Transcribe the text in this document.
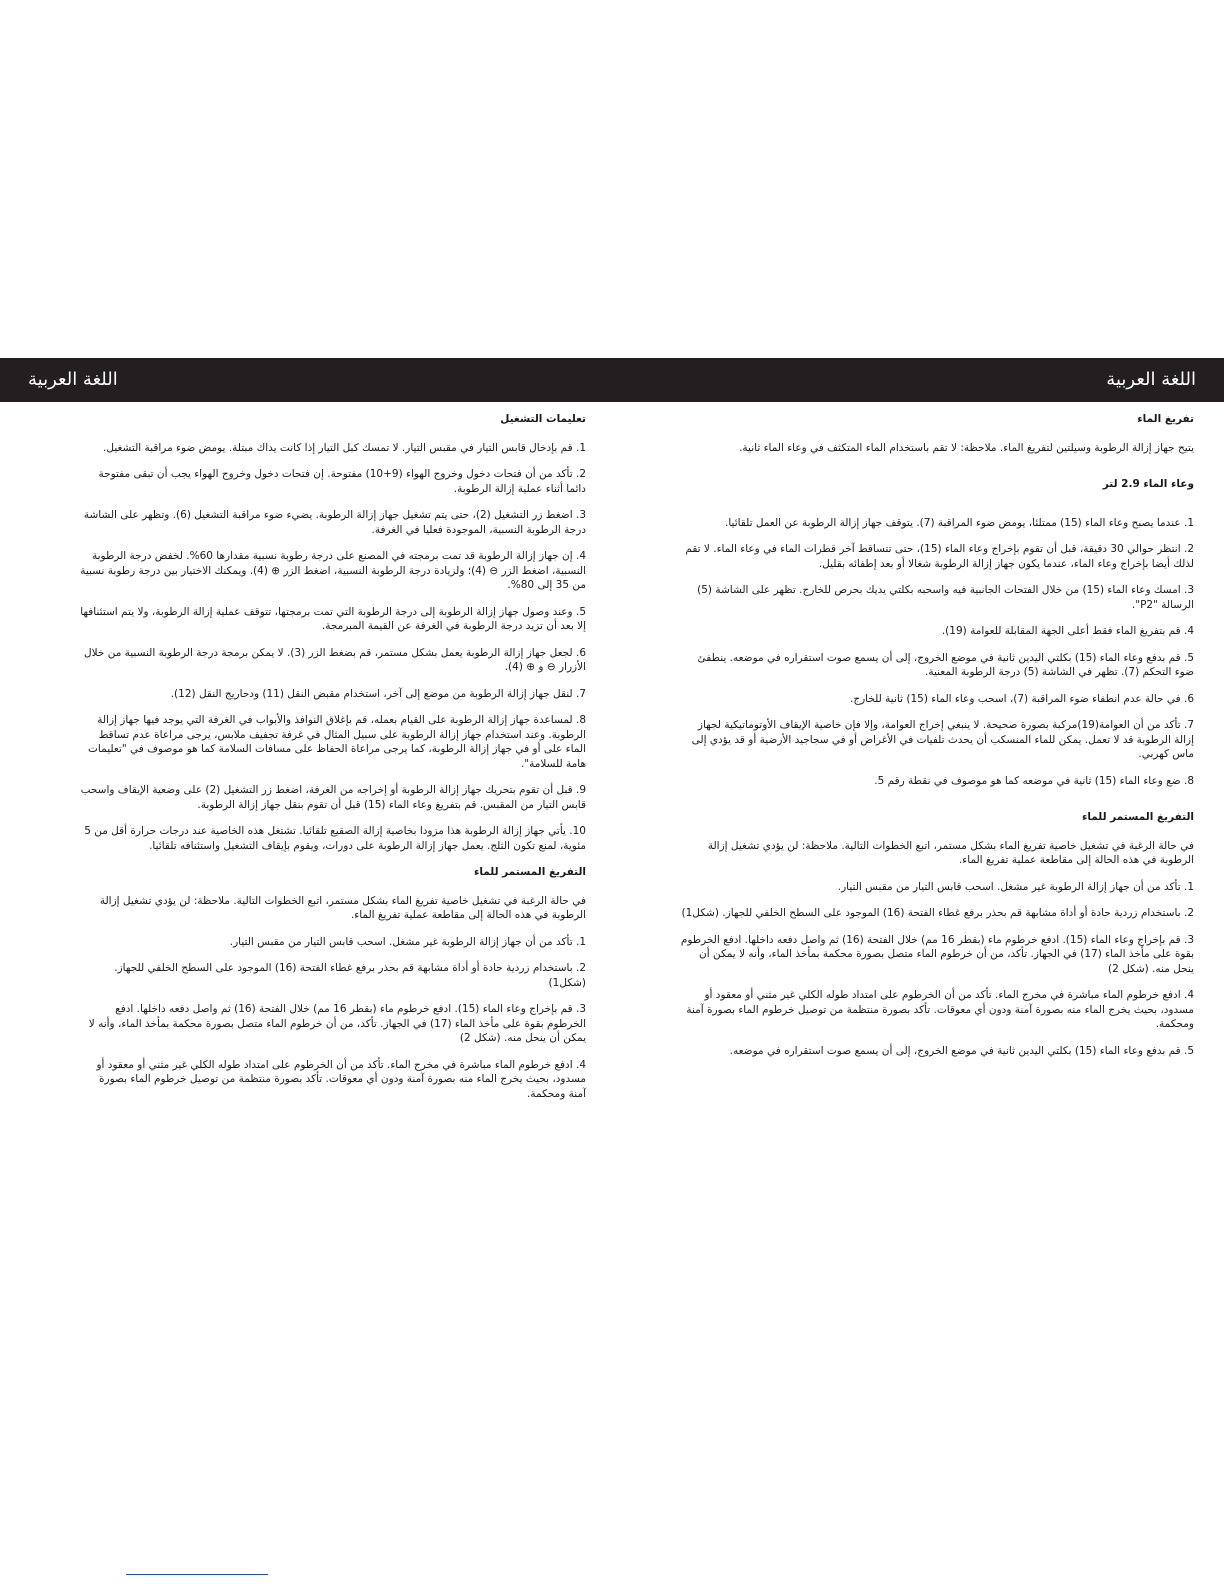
اللغة العربية	اللغة العربية
تفريغ الماء
يتيح جهاز إزالة الرطوبة وسيلتين لتفريغ الماء. ملاحظة: لا تقم باستخدام الماء المتكثف في وعاء الماء ثانية.
وعاء الماء 2.9 لتر
1. عندما يصبح وعاء الماء (15) ممتلئا، يومض ضوء المراقبة (7). يتوقف جهاز إزالة الرطوبة عن العمل تلقائيا.
2. انتظر حوالي 30 دقيقة، قبل أن تقوم بإخراج وعاء الماء (15)، حتى تتساقط آخر قطرات الماء في وعاء الماء. لا تقم لذلك أيضا بإخراج وعاء الماء، عندما يكون جهاز إزالة الرطوبة شغالا أو بعد إطفائه بقليل.
3. امسك وعاء الماء (15) من خلال الفتحات الجانبية فيه واسحبه بكلتي يديك بحرص للخارج. تظهر على الشاشة (5) الرسالة "P2".
4. قم بتفريغ الماء فقط أعلى الجهة المقابلة للعوامة (19).
5. قم بدفع وعاء الماء (15) بكلتي اليدين ثانية في موضع الخروج، إلى أن يسمع صوت استقراره في موضعه. ينطفئ ضوء التحكم (7). تظهر في الشاشة (5) درجة الرطوبة المعنية.
6. في حالة عدم انطفاء ضوء المراقبة (7)، اسحب وعاء الماء (15) ثانية للخارج.
7. تأكد من أن العوامة(19)مركبة بصورة صحيحة. لا ينبغي إخراج العوامة، وإلا فإن خاصية الإيقاف الأوتوماتيكية لجهاز إزالة الرطوبة قد لا تعمل. يمكن للماء المنسكب أن يحدث تلفيات في الأغراض أو في سجاجيد الأرضية أو قد يؤدي إلى ماس كهربي.
8. ضع وعاء الماء (15) ثانية في موضعه كما هو موصوف في نقطة رقم 5.
التفريغ المستمر للماء
في حالة الرغبة في تشغيل خاصية تفريغ الماء بشكل مستمر، اتبع الخطوات التالية. ملاحظة: لن يؤدي تشغيل إزالة الرطوبة في هذه الحالة إلى مقاطعة عملية تفريغ الماء.
1. تأكد من أن جهاز إزالة الرطوبة غير مشغل. اسحب قابس التيار من مقبس التيار.
2. باستخدام زردية حادة أو أداة مشابهة قم بحذر برفع غطاء الفتحة (16) الموجود على السطح الخلفي للجهاز. (شكل1)
3. قم بإخراج وعاء الماء (15). ادفع خرطوم ماء (بقطر 16 مم) خلال الفتحة (16) ثم واصل دفعه داخلها. ادفع الخرطوم بقوة على مأخذ الماء (17) في الجهاز. تأكد، من أن خرطوم الماء متصل بصورة محكمة بمأخذ الماء، وأنه لا يمكن أن ينحل منه. (شكل 2)
4. ادفع خرطوم الماء مباشرة في مخرج الماء. تأكد من أن الخرطوم على امتداد طوله الكلي غير مثني أو معقود أو مسدود، بحيث يخرج الماء منه بصورة آمنة ودون أي معوقات. تأكد بصورة منتظمة من توصيل خرطوم الماء بصورة آمنة ومحكمة.
5. قم بدفع وعاء الماء (15) بكلتي اليدين ثانية في موضع الخروج، إلى أن يسمع صوت استقراره في موضعه.
تعليمات التشغيل
1. قم بإدخال قابس التيار في مقبس التيار. لا تمسك كبل التيار إذا كانت يداك مبتلة. يومض ضوء مراقبة التشغيل.
2. تأكد من أن فتحات دخول وخروج الهواء (9+10) مفتوحة. إن فتحات دخول وخروج الهواء يجب أن تبقى مفتوحة دائما أثناء عملية إزالة الرطوبة.
3. اضغط زر التشغيل (2)، حتى يتم تشغيل جهاز إزالة الرطوبة. يضيء ضوء مراقبة التشغيل (6). وتظهر على الشاشة درجة الرطوبة النسبية، الموجودة فعليا في الغرفة.
4. إن جهاز إزالة الرطوبة قد تمت برمجته في المصنع على درجة رطوبة نسبية مقدارها 60%. لخفض درجة الرطوبة النسبية، اضغط الزر ⊖ (4)؛ ولزيادة درجة الرطوبة النسبية، اضغط الزر ⊕ (4). ويمكنك الاختيار بين درجة رطوبة نسبية من 35 إلى 80%.
5. وعند وصول جهاز إزالة الرطوبة إلى درجة الرطوبة التي تمت برمجتها، تتوقف عملية إزالة الرطوبة، ولا يتم استئنافها إلا بعد أن تزيد درجة الرطوبة في الغرفة عن القيمة المبرمجة.
6. لجعل جهاز إزالة الرطوبة يعمل بشكل مستمر، قم بضغط الزر (3). لا يمكن برمجة درجة الرطوبة النسبية من خلال الأزرار ⊖ و ⊕ (4).
7. لنقل جهاز إزالة الرطوبة من موضع إلى آخر، استخدام مقبض النقل (11) ودحاريج النقل (12).
8. لمساعدة جهاز إزالة الرطوبة على القيام بعمله، قم بإغلاق النوافذ والأبواب في الغرفة التي يوجد فيها جهاز إزالة الرطوبة. وعند استخدام جهاز إزالة الرطوبة على سبيل المثال في غرفة تجفيف ملابس، يرجى مراعاة عدم تساقط الماء على أو في جهاز إزالة الرطوبة، كما يرجى مراعاة الحفاظ على مسافات السلامة كما هو موصوف في "تعليمات هامة للسلامة".
9. قبل أن تقوم بتحريك جهاز إزالة الرطوبة أو إخراجه من الغرفة، اضغط زر التشغيل (2) على وضعية الإيقاف واسحب قابس التيار من المقبس. قم بتفريغ وعاء الماء (15) قبل أن تقوم بنقل جهاز إزالة الرطوبة.
10. يأتي جهاز إزالة الرطوبة هذا مزودا بخاصية إزالة الصقيع تلقائيا. تشتغل هذه الخاصية عند درجات حرارة أقل من 5 مئوية، لمنع تكون الثلج. يعمل جهاز إزالة الرطوبة على دورات، ويقوم بإيقاف التشغيل واستئنافه تلقائيا.
التفريغ المستمر للماء
في حالة الرغبة في تشغيل خاصية تفريغ الماء بشكل مستمر، اتبع الخطوات التالية. ملاحظة: لن يؤدي تشغيل إزالة الرطوبة في هذه الحالة إلى مقاطعة عملية تفريغ الماء.
1. تأكد من أن جهاز إزالة الرطوبة غير مشغل. اسحب قابس التيار من مقبس التيار.
2. باستخدام زردية حادة أو أداة مشابهة قم بحذر برفع غطاء الفتحة (16) الموجود على السطح الخلفي للجهاز. (شكل1)
3. قم بإخراج وعاء الماء (15). ادفع خرطوم ماء (بقطر 16 مم) خلال الفتحة (16) ثم واصل دفعه داخلها. ادفع الخرطوم بقوة على مأخذ الماء (17) في الجهاز. تأكد، من أن خرطوم الماء متصل بصورة محكمة بمأخذ الماء، وأنه لا يمكن أن ينحل منه. (شكل 2)
4. ادفع خرطوم الماء مباشرة في مخرج الماء. تأكد من أن الخرطوم على امتداد طوله الكلي غير مثني أو معقود أو مسدود، بحيث يخرج الماء منه بصورة آمنة ودون أي معوقات. تأكد بصورة منتظمة من توصيل خرطوم الماء بصورة آمنة ومحكمة.
